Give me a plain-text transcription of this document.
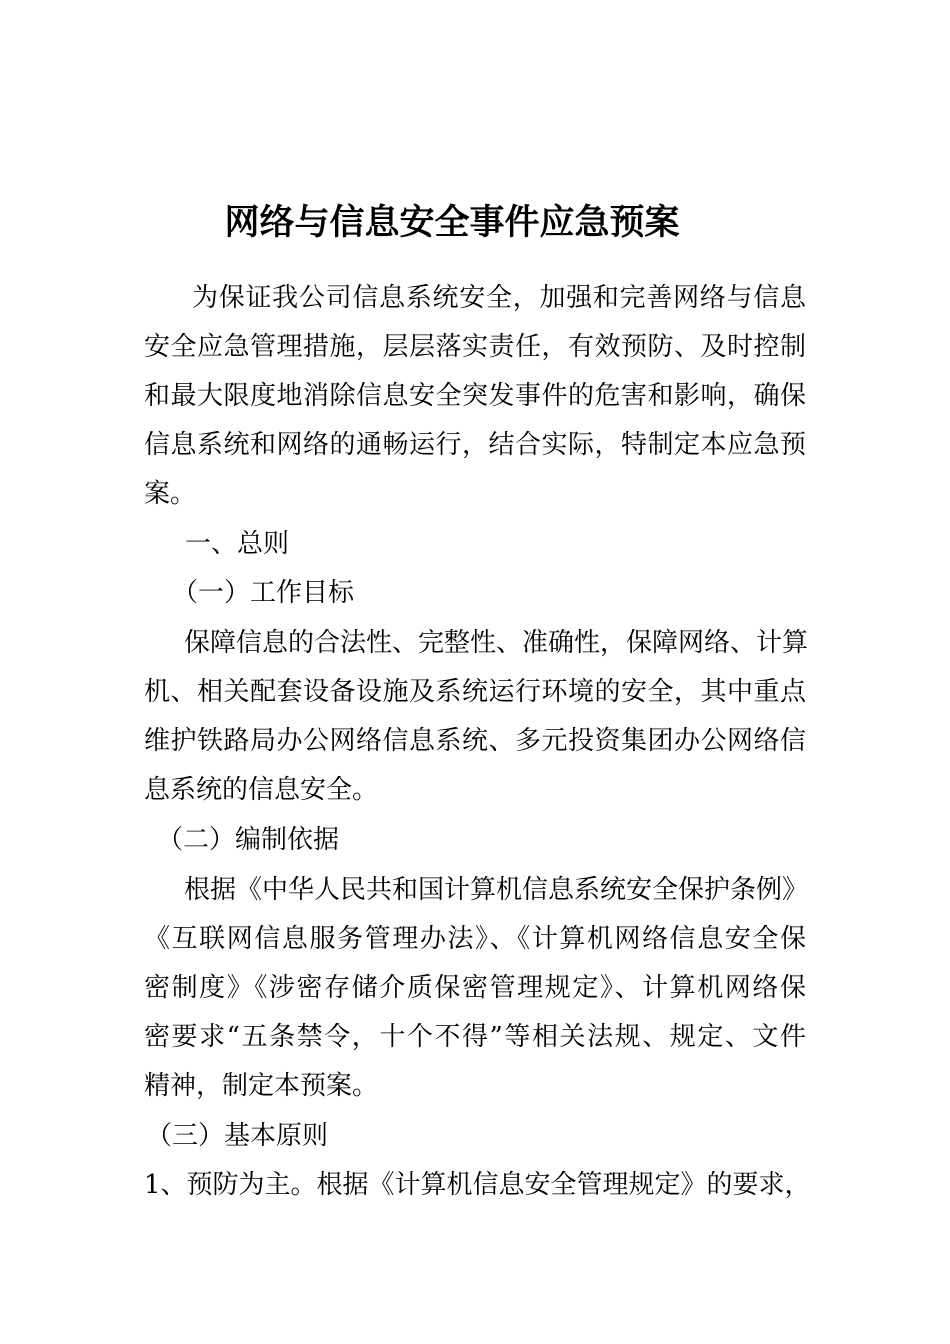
网络与信息安全事件应急预案
为保证我公司信息系统安全，加强和完善网络与信息
安全应急管理措施，层层落实责任，有效预防、及时控制
和最大限度地消除信息安全突发事件的危害和影响，确保
信息系统和网络的通畅运行，结合实际，特制定本应急预
案。
一、总则
（一）工作目标
保障信息的合法性、完整性、准确性，保障网络、计算
机、相关配套设备设施及系统运行环境的安全，其中重点
维护铁路局办公网络信息系统、多元投资集团办公网络信
息系统的信息安全。
（二）编制依据
根据《中华人民共和国计算机信息系统安全保护条例》
《互联网信息服务管理办法》、《计算机网络信息安全保
密制度》《涉密存储介质保密管理规定》、计算机网络保
密要求“五条禁令，十个不得”等相关法规、规定、文件
精神，制定本预案。
（三）基本原则
1、预防为主。根据《计算机信息安全管理规定》的要求，
